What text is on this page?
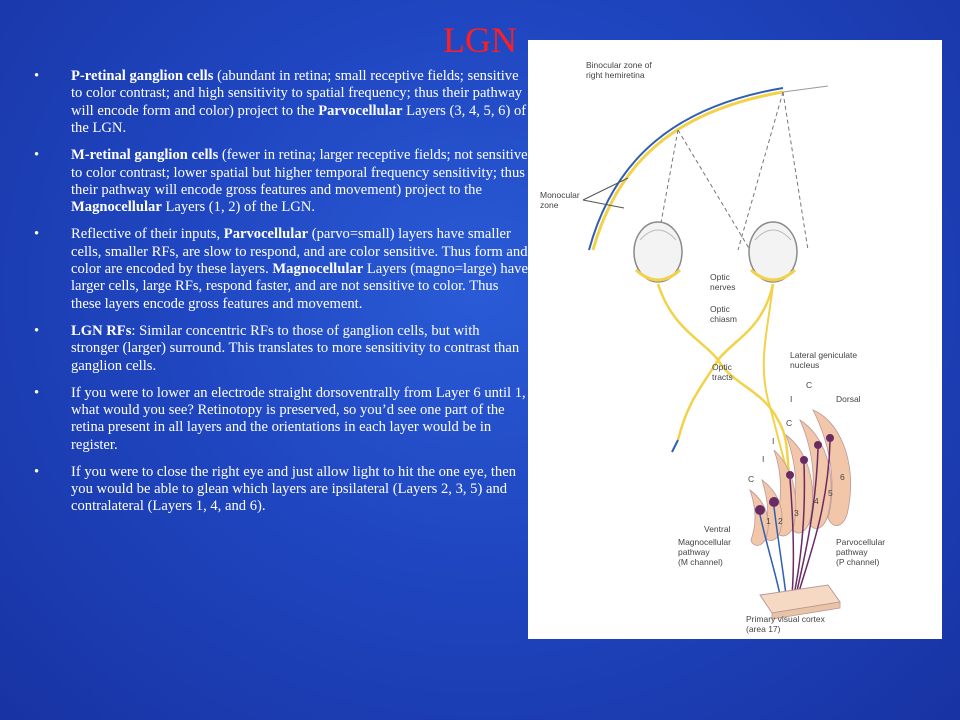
LGN
• P-retinal ganglion cells (abundant in retina; small receptive fields; sensitive to color contrast; and high sensitivity to spatial frequency; thus their pathway will encode form and color) project to the Parvocellular Layers (3, 4, 5, 6) of the LGN.
• M-retinal ganglion cells (fewer in retina; larger receptive fields; not sensitive to color contrast; lower spatial but higher temporal frequency sensitivity; thus their pathway will encode gross features and movement) project to the Magnocellular Layers (1, 2) of the LGN.
• Reflective of their inputs, Parvocellular (parvo=small) layers have smaller cells, smaller RFs, are slow to respond, and are color sensitive. Thus form and color are encoded by these layers. Magnocellular Layers (magno=large) have larger cells, large RFs, respond faster, and are not sensitive to color. Thus these layers encode gross features and movement.
• LGN RFs: Similar concentric RFs to those of ganglion cells, but with stronger (larger) surround. This translates to more sensitivity to contrast than ganglion cells.
• If you were to lower an electrode straight dorsoventrally from Layer 6 until 1, what would you see? Retinotopy is preserved, so you’d see one part of the retina present in all layers and the orientations in each layer would be in register.
• If you were to close the right eye and just allow light to hit the one eye, then you would be able to glean which layers are ipsilateral (Layers 2, 3, 5) and contralateral (Layers 1, 4, and 6).
Binocular zone of
right hemiretina
Monocular
zone
Optic
nerves
Optic
chiasm
Optic
tracts
Lateral geniculate
nucleus
Dorsal
Ventral
Magnocellular
pathway
(M channel)
Parvocellular
pathway
(P channel)
Primary visual cortex
(area 17)
C
I
C
I
C
I
1 2
3
4
5
6
